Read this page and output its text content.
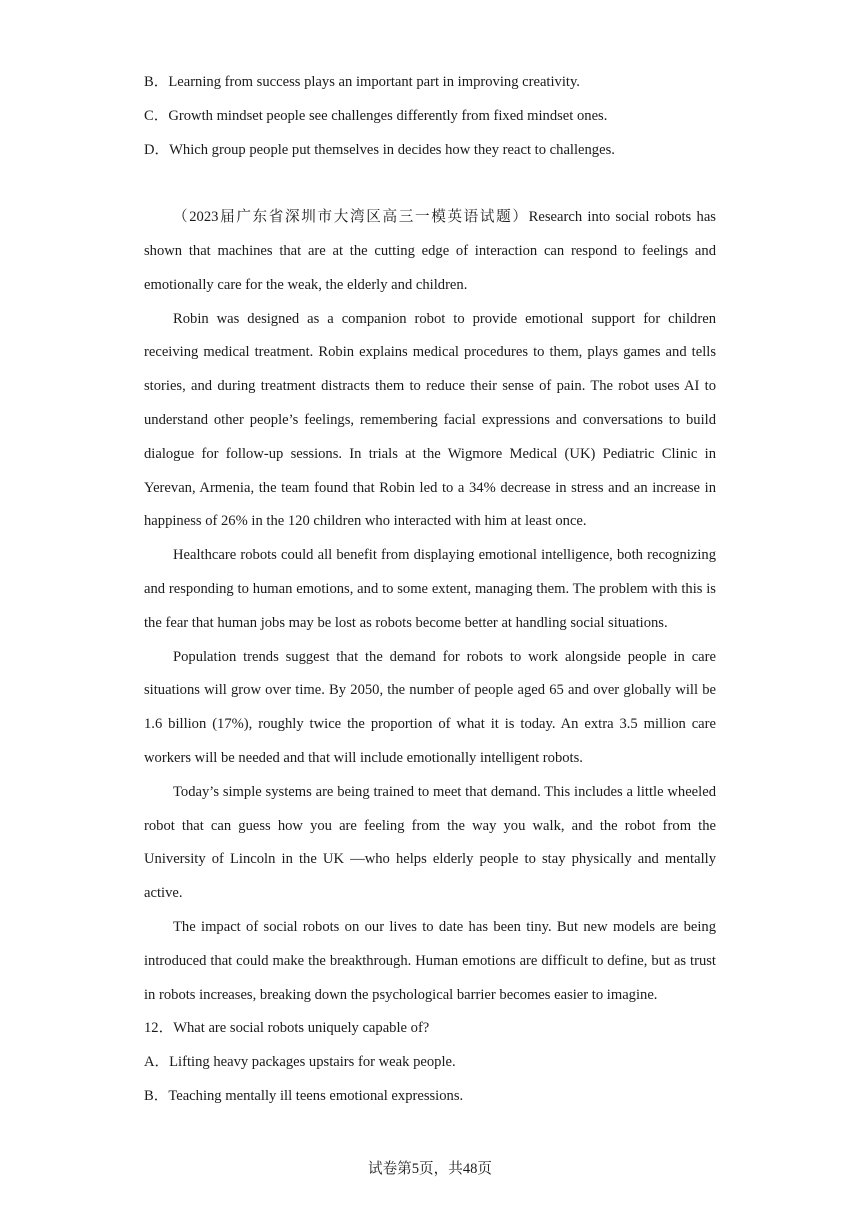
B．Learning from success plays an important part in improving creativity.

C．Growth mindset people see challenges differently from fixed mindset ones.

D．Which group people put themselves in decides how they react to challenges.

（2023届广东省深圳市大湾区高三一模英语试题）Research into social robots has shown that machines that are at the cutting edge of interaction can respond to feelings and emotionally care for the weak, the elderly and children.

Robin was designed as a companion robot to provide emotional support for children receiving medical treatment. Robin explains medical procedures to them, plays games and tells stories, and during treatment distracts them to reduce their sense of pain. The robot uses AI to understand other people’s feelings, remembering facial expressions and conversations to build dialogue for follow-up sessions. In trials at the Wigmore Medical (UK) Pediatric Clinic in Yerevan, Armenia, the team found that Robin led to a 34% decrease in stress and an increase in happiness of 26% in the 120 children who interacted with him at least once.

Healthcare robots could all benefit from displaying emotional intelligence, both recognizing and responding to human emotions, and to some extent, managing them. The problem with this is the fear that human jobs may be lost as robots become better at handling social situations.

Population trends suggest that the demand for robots to work alongside people in care situations will grow over time. By 2050, the number of people aged 65 and over globally will be 1.6 billion (17%), roughly twice the proportion of what it is today. An extra 3.5 million care workers will be needed and that will include emotionally intelligent robots.

Today’s simple systems are being trained to meet that demand. This includes a little wheeled robot that can guess how you are feeling from the way you walk, and the robot from the University of Lincoln in the UK —who helps elderly people to stay physically and mentally active.

The impact of social robots on our lives to date has been tiny. But new models are being introduced that could make the breakthrough. Human emotions are difficult to define, but as trust in robots increases, breaking down the psychological barrier becomes easier to imagine.

12．What are social robots uniquely capable of?

A．Lifting heavy packages upstairs for weak people.

B．Teaching mentally ill teens emotional expressions.

试卷第5页，共48页
